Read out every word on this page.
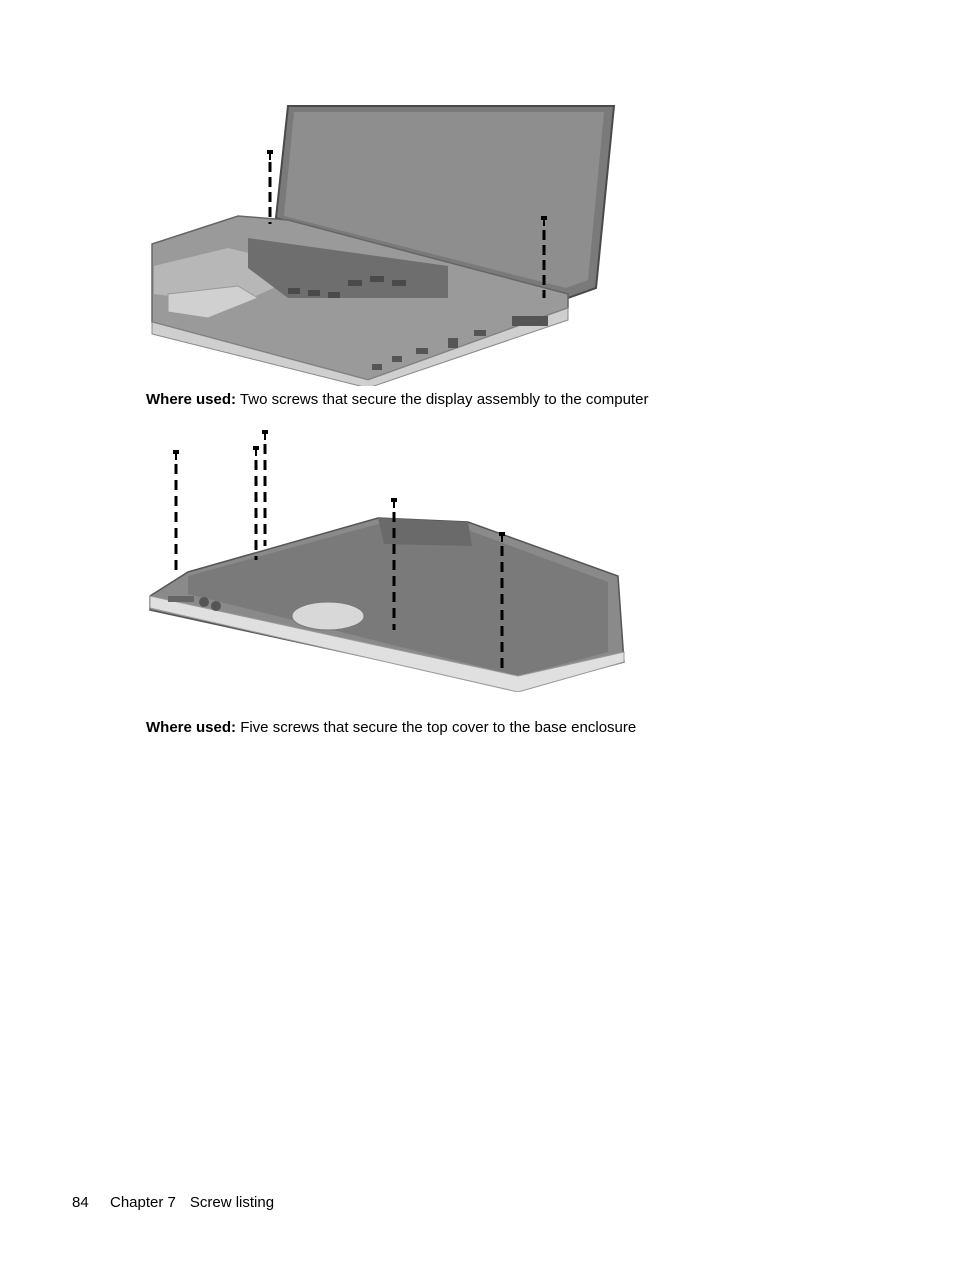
Where used: Two screws that secure the display assembly to the computer
Where used: Five screws that secure the top cover to the base enclosure
84 Chapter 7 Screw listing
